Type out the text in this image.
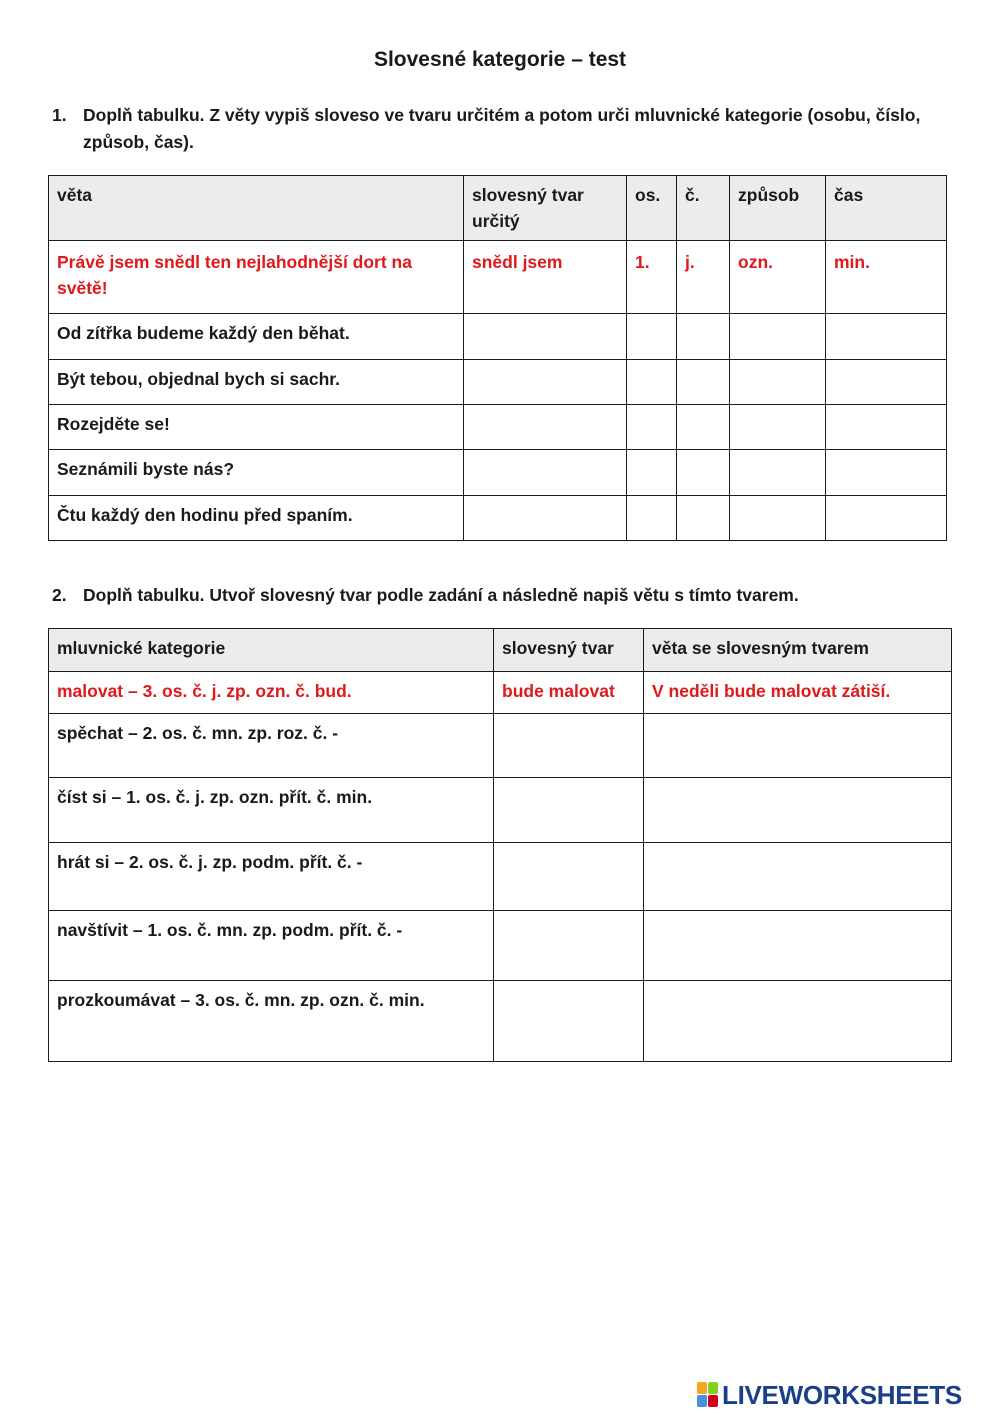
Slovesné kategorie – test
1. Doplň tabulku. Z věty vypiš sloveso ve tvaru určitém a potom urči mluvnické kategorie (osobu, číslo, způsob, čas).
věta	slovesný tvar určitý	os.	č.	způsob	čas
Právě jsem snědl ten nejlahodnější dort na světě!	snědl jsem	1.	j.	ozn.	min.
Od zítřka budeme každý den běhat.					
Být tebou, objednal bych si sachr.					
Rozejděte se!					
Seznámili byste nás?					
Čtu každý den hodinu před spaním.					
2. Doplň tabulku. Utvoř slovesný tvar podle zadání a následně napiš větu s tímto tvarem.
mluvnické kategorie	slovesný tvar	věta se slovesným tvarem
malovat – 3. os. č. j. zp. ozn. č. bud.	bude malovat	V neděli bude malovat zátiší.
spěchat – 2. os. č. mn. zp. roz. č. -		
číst si – 1. os. č. j. zp. ozn. přít. č. min.		
hrát si – 2. os. č. j. zp. podm. přít. č. -		
navštívit – 1. os. č. mn. zp. podm. přít. č. -		
prozkoumávat – 3. os. č. mn. zp. ozn. č. min.		
LIVEWORKSHEETS
